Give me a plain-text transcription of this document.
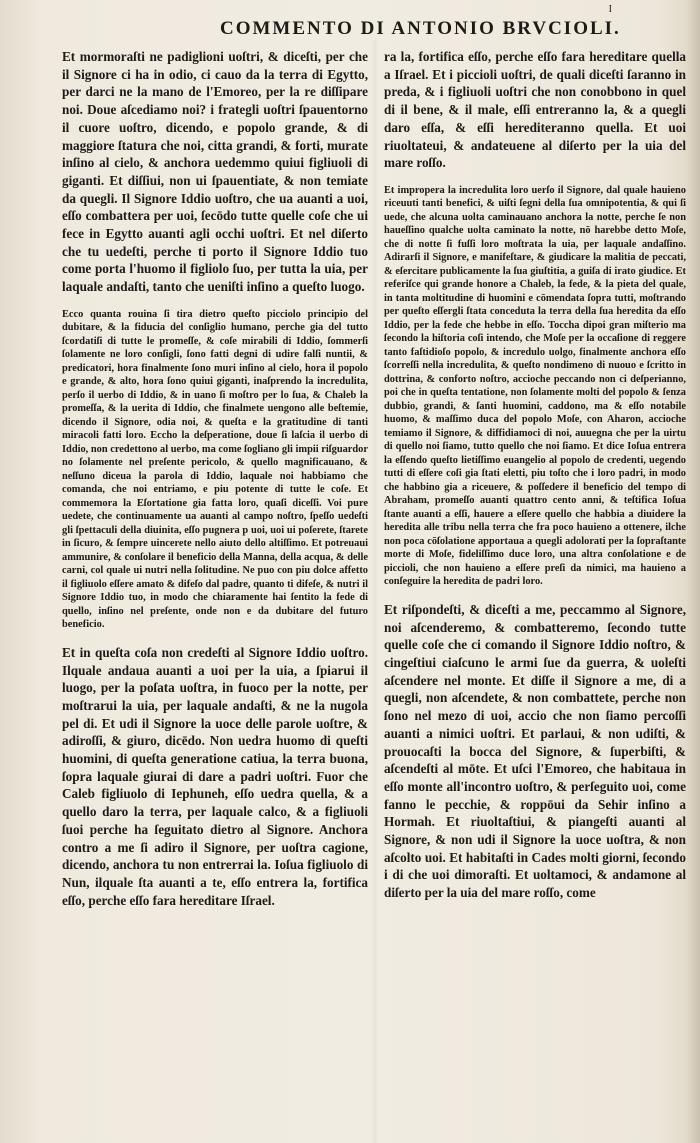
COMMENTO DI ANTONIO BRVCIOLI.
I

Et mormoraſti ne padiglioni uoſtri, & diceſti, per che il Signore ci ha in odio, ci cauo da la terra di Egytto, per darci ne la mano de l'Emoreo, per la re diſſipare noi. Doue aſcediamo noi? i frategli uoſtri ſpauentorno il cuore uoſtro, dicendo, e popolo grande, & di maggiore ſtatura che noi, citta grandi, & forti, murate inſino al cielo, & anchora uedemmo quiui figliuoli di giganti. Et diſſiui, non ui ſpauentiate, & non temiate da quegli. Il Signore Iddio uoſtro, che ua auanti a uoi, eſſo combattera per uoi, ſecōdo tutte quelle coſe che ui fece in Egytto auanti agli occhi uoſtri. Et nel diſerto che tu uedeſti, perche ti porto il Signore Iddio tuo come porta l'huomo il figliolo ſuo, per tutta la uia, per laquale andaſti, tanto che ueniſti inſino a queſto luogo.

Ecco quanta rouina ſi tira dietro queſto picciolo principio del dubitare, & la fiducia del conſiglio humano, perche gia del tutto ſcordatiſi di tutte le promeſſe, & coſe mirabili di Iddio, ſommerſi ſolamente ne loro conſigli, ſono fatti degni di udire falſi nuntii, & predicatori, hora finalmente ſono muri inſino al cielo, hora il popolo e grande, & alto, hora ſono quiui giganti, inaſprendo la incredulita, perſo il uerbo di Iddio, & in uano ſi moſtro per lo ſua, & Chaleb la promeſſa, & la uerita di Iddio, che finalmete uengono alle beſtemie, dicendo il Signore, odia noi, & queſta e la gratitudine di tanti miracoli fatti loro. Eccho la deſperatione, doue ſi laſcia il uerbo di Iddio, non credettono al uerbo, ma come ſogliano gli impii riſguardor no ſolamente nel preſente pericolo, & quello magnificauano, & neſſuno diceua la parola di Iddio, laquale noi habbiamo che comanda, che noi entriamo, e piu potente di tutte le coſe. Et commemora la Eſortatione gia fatta loro, quaſi diceſſi. Voi pure uedete, che continuamente ua auanti al campo noſtro, ſpeſſo uedeſti gli ſpettaculi della diuinita, eſſo pugnera p uoi, uoi ui poſerete, ſtarete in ſicuro, & ſempre uincerete nello aiuto dello altiſſimo. Et potreuaui ammunire, & conſolare il beneficio della Manna, della acqua, & delle carni, col quale ui nutri nella ſolitudine. Ne puo con piu dolce affetto il figliuolo eſſere amato & difeſo dal padre, quanto ti difeſe, & nutri il Signore Iddio tuo, in modo che chiaramente hai ſentito la fede di quello, inſino nel preſente, onde non e da dubitare del futuro beneficio.

Et in queſta coſa non credeſti al Signore Iddio uoſtro. Ilquale andaua auanti a uoi per la uia, a ſpiarui il luogo, per la poſata uoſtra, in fuoco per la notte, per moſtrarui la uia, per laquale andaſti, & ne la nugola pel di. Et udi il Signore la uoce delle parole uoſtre, & adiroſſi, & giuro, dicēdo. Non uedra huomo di queſti huomini, di queſta generatione catiua, la terra buona, ſopra laquale giurai di dare a padri uoſtri. Fuor che Caleb figliuolo di Iephuneh, eſſo uedra quella, & a quello daro la terra, per laquale calco, & a figliuoli ſuoi perche ha ſeguitato dietro al Signore. Anchora contro a me ſi adiro il Signore, per uoſtra cagione, dicendo, anchora tu non entrerrai la. Ioſua figliuolo di Nun, ilquale ſta auanti a te, eſſo entrera la, fortifica eſſo, perche eſſo fara hereditare Iſrael.

ra la, fortifica eſſo, perche eſſo fara hereditare quella a Iſrael. Et i piccioli uoſtri, de quali diceſti ſaranno in preda, & i figliuoli uoſtri che non conobbono in quel di il bene, & il male, eſſi entreranno la, & a quegli daro eſſa, & eſſi herediteranno quella. Et uoi riuoltateui, & andateuene al diſerto per la uia del mare roſſo.

Et impropera la incredulita loro uerſo il Signore, dal quale hauieno riceuuti tanti benefici, & uiſti ſegni della ſua omnipotentia, & qui ſi uede, che alcuna uolta caminauano anchora la notte, perche ſe non haueſſino qualche uolta caminato la notte, nō harebbe detto Moſe, che di notte ſi fuſſi loro moſtrata la uia, per laquale andaſſino. Adirarſi il Signore, e manifeſtare, & giudicare la malitia de peccati, & eſercitare publicamente la ſua giuſtitia, a guiſa di irato giudice. Et referiſce qui grande honore a Chaleb, la fede, & la pieta del quale, in tanta moltitudine di huomini e cōmendata ſopra tutti, moſtrando per queſto eſſergli ſtata conceduta la terra della ſua heredita da eſſo Iddio, per la fede che hebbe in eſſo. Toccha dipoi gran miſterio ma ſecondo la hiſtoria coſi intendo, che Moſe per la occaſione di reggere tanto faſtidioſo popolo, & incredulo uolgo, finalmente anchora eſſo ſcorreſſi nella incredulita, & queſto nondimeno di nuouo e ſcritto in dottrina, & conforto noſtro, accioche peccando non ci deſperianno, poi che in queſta tentatione, non ſolamente molti del popolo & ſenza dubbio, grandi, & ſanti huomini, caddono, ma & eſſo notabile huomo, & maſſimo duca del popolo Moſe, con Aharon, accioche temiamo il Signore, & diffidiamoci di noi, auuegna che per la uirtu di quello noi ſiamo, tutto quello che noi ſiamo. Et dice Ioſua entrera la eſſendo queſto lietiſſimo euangelio al popolo de credenti, uegendo tutti di eſſere coſi gia ſtati eletti, piu toſto che i loro padri, in modo che habbino gia a riceuere, & poſſedere il beneficio del tempo di Abraham, promeſſo auanti quattro cento anni, & teſtifica Ioſua ſtante auanti a eſſi, hauere a eſſere quello che habbia a diuidere la heredita alle tribu nella terra che fra poco hauieno a ottenere, ilche non poca cōſolatione apportaua a quegli adolorati per la ſopraſtante morte di Moſe, fideliſſimo duce loro, una altra conſolatione e de piccioli, che non hauieno a eſſere preſi da nimici, ma hauieno a conſeguire la heredita de padri loro.

Et riſpondeſti, & diceſti a me, peccammo al Signore, noi aſcenderemo, & combatteremo, ſecondo tutte quelle coſe che ci comando il Signore Iddio noſtro, & cingeſtiui ciaſcuno le armi ſue da guerra, & uoleſti aſcendere nel monte. Et diſſe il Signore a me, di a quegli, non aſcendete, & non combattete, perche non ſono nel mezo di uoi, accio che non ſiamo percoſſi auanti a nimici uoſtri. Et parlaui, & non udiſti, & prouocaſti la bocca del Signore, & ſuperbiſti, & aſcendeſti al mōte. Et uſci l'Emoreo, che habitaua in eſſo monte all'incontro uoſtro, & perſeguito uoi, come fanno le pecchie, & roppōui da Sehir inſino a Hormah. Et riuoltaſtiui, & piangeſti auanti al Signore, & non udi il Signore la uoce uoſtra, & non aſcolto uoi. Et habitaſti in Cades molti giorni, ſecondo i di che uoi dimoraſti. Et uoltamoci, & andamone al diſerto per la uia del mare roſſo, come
